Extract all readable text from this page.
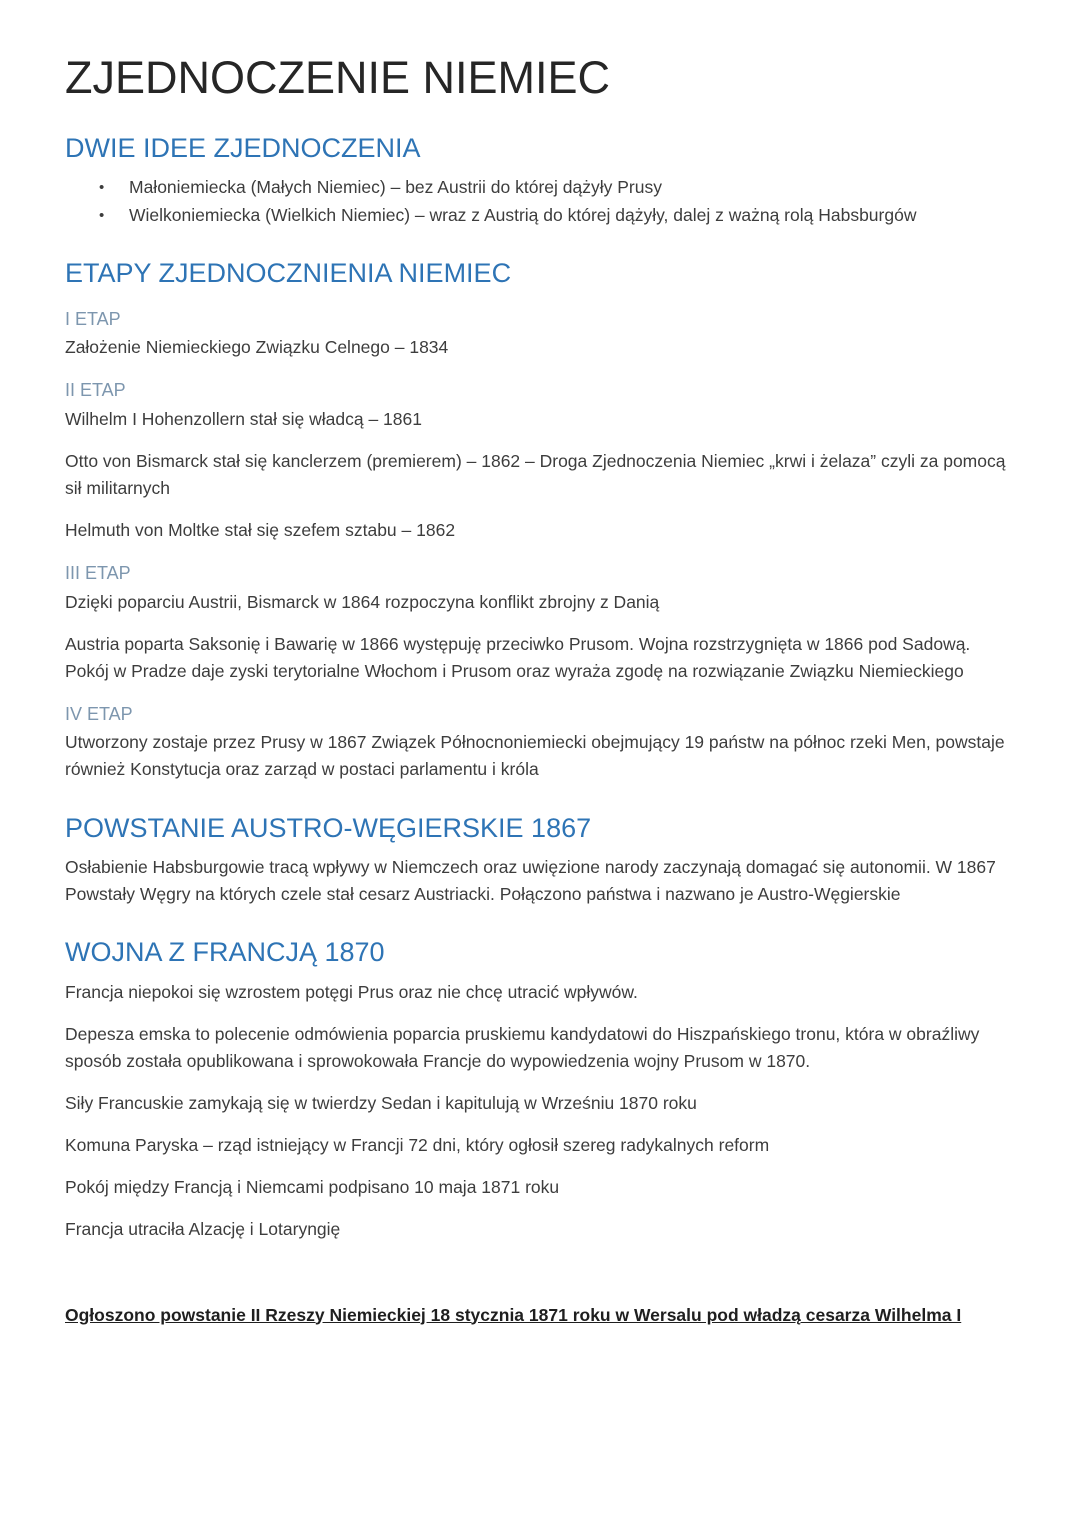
ZJEDNOCZENIE NIEMIEC
DWIE IDEE ZJEDNOCZENIA
•	Małoniemiecka (Małych Niemiec) – bez Austrii do której dążyły Prusy
•	Wielkoniemiecka (Wielkich Niemiec) – wraz z Austrią do której dążyły, dalej z ważną rolą Habsburgów
ETAPY ZJEDNOCZNIENIA NIEMIEC
I ETAP

Założenie Niemieckiego Związku Celnego – 1834

II ETAP

Wilhelm I Hohenzollern stał się władcą – 1861

Otto von Bismarck stał się kanclerzem (premierem) – 1862 – Droga Zjednoczenia Niemiec „krwi i żelaza” czyli za pomocą sił militarnych

Helmuth von Moltke stał się szefem sztabu – 1862

III ETAP

Dzięki poparciu Austrii, Bismarck w 1864 rozpoczyna konflikt zbrojny z Danią

Austria poparta Saksonię i Bawarię w 1866 występuję przeciwko Prusom. Wojna rozstrzygnięta w 1866 pod Sadową. Pokój w Pradze daje zyski terytorialne Włochom i Prusom oraz wyraża zgodę na rozwiązanie Związku Niemieckiego

IV ETAP

Utworzony zostaje przez Prusy w 1867 Związek Północnoniemiecki obejmujący 19 państw na północ rzeki Men, powstaje również Konstytucja oraz zarząd w postaci parlamentu i króla

POWSTANIE AUSTRO-WĘGIERSKIE 1867

Osłabienie Habsburgowie tracą wpływy w Niemczech oraz uwięzione narody zaczynają domagać się autonomii. W 1867 Powstały Węgry na których czele stał cesarz Austriacki. Połączono państwa i nazwano je Austro-Węgierskie

WOJNA Z FRANCJĄ 1870

Francja niepokoi się wzrostem potęgi Prus oraz nie chcę utracić wpływów.

Depesza emska to polecenie odmówienia poparcia pruskiemu kandydatowi do Hiszpańskiego tronu, która w obraźliwy sposób została opublikowana i sprowokowała Francje do wypowiedzenia wojny Prusom w 1870.

Siły Francuskie zamykają się w twierdzy Sedan i kapitulują w Wrześniu 1870 roku

Komuna Paryska – rząd istniejący w Francji 72 dni, który ogłosił szereg radykalnych reform

Pokój między Francją i Niemcami podpisano 10 maja 1871 roku

Francja utraciła Alzację i Lotaryngię

Ogłoszono powstanie II Rzeszy Niemieckiej 18 stycznia 1871 roku w Wersalu pod władzą cesarza Wilhelma I
